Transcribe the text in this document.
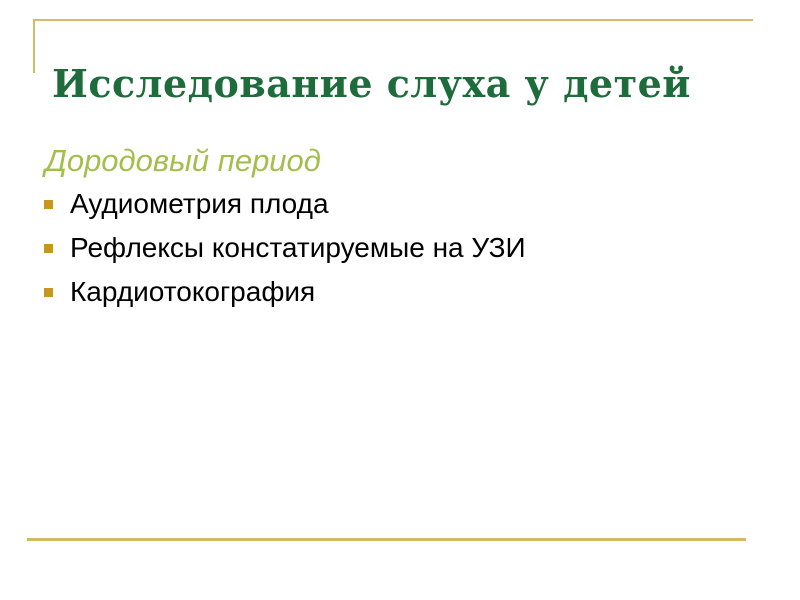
Исследование слуха у детей
Дородовый период
Аудиометрия плода
Рефлексы констатируемые на УЗИ
Кардиотокография
